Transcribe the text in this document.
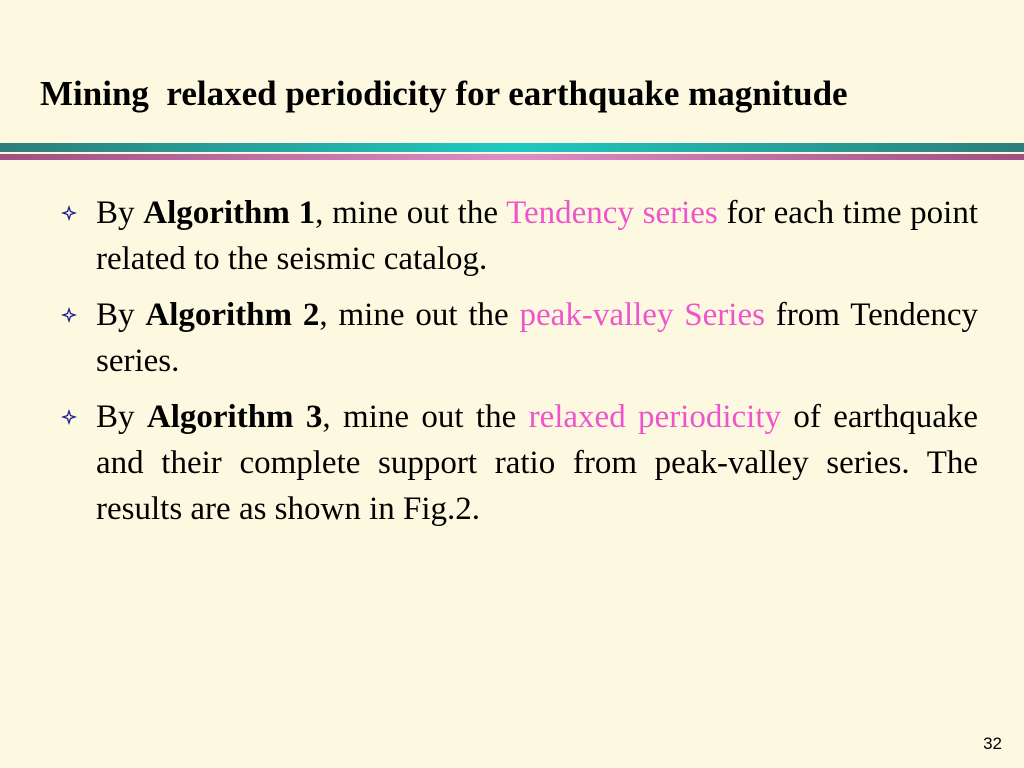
Mining  relaxed periodicity for earthquake magnitude
By Algorithm 1, mine out the Tendency series for each time point related to the seismic catalog.
By Algorithm 2, mine out the peak-valley Series from Tendency series.
By Algorithm 3, mine out the relaxed periodicity of earthquake and their complete support ratio from peak-valley series. The results are as shown in Fig.2.
32
